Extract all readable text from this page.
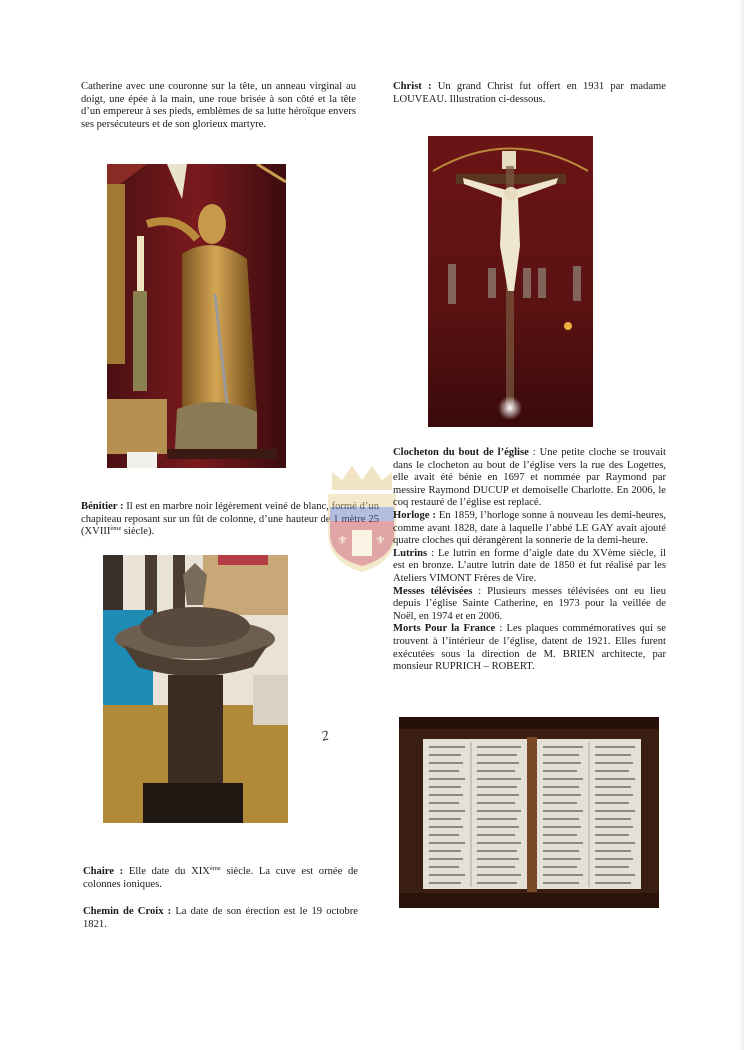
Catherine avec une couronne sur la tête, un anneau virginal au doigt, une épée à la main, une roue brisée à son côté et la tête d’un empereur à ses pieds, emblèmes de sa lutte héroïque envers ses persécuteurs et de son glorieux martyre.

Bénitier : Il est en marbre noir légèrement veiné de blanc, formé d’un chapiteau reposant sur un fût de colonne, d’une hauteur de 1 mètre 25 (XVIIIème siècle).

⚜ ⚜
2

Chaire : Elle date du XIXème siècle. La cuve est ornée de colonnes ioniques.

Chemin de Croix : La date de son érection est le 19 octobre 1821.

Christ : Un grand Christ fut offert en 1931 par madame LOUVEAU. Illustration ci-dessous.

Clocheton du bout de l’église : Une petite cloche se trouvait dans le clocheton au bout de l’église vers la rue des Logettes, elle avait été bénie en 1697 et nommée par Raymond par messire Raymond DUCUP et demoiselle Charlotte. En 2006, le coq restauré de l’église est replacé.

Horloge : En 1859, l’horloge sonne à nouveau les demi-heures, comme avant 1828, date à laquelle l’abbé LE GAY avait ajouté quatre cloches qui dérangèrent la sonnerie de la demi-heure.

Lutrins : Le lutrin en forme d’aigle date du XVème siècle, il est en bronze. L’autre lutrin date de 1850 et fut réalisé par les Ateliers VIMONT Frères de Vire.

Messes télévisées : Plusieurs messes télévisées ont eu lieu depuis l’église Sainte Catherine, en 1973 pour la veillée de Noël, en 1974 et en 2006.

Morts Pour la France : Les plaques commémoratives qui se trouvent à l’intérieur de l’église, datent de 1921. Elles furent exécutées sous la direction de M. BRIEN architecte, par monsieur RUPRICH – ROBERT.
